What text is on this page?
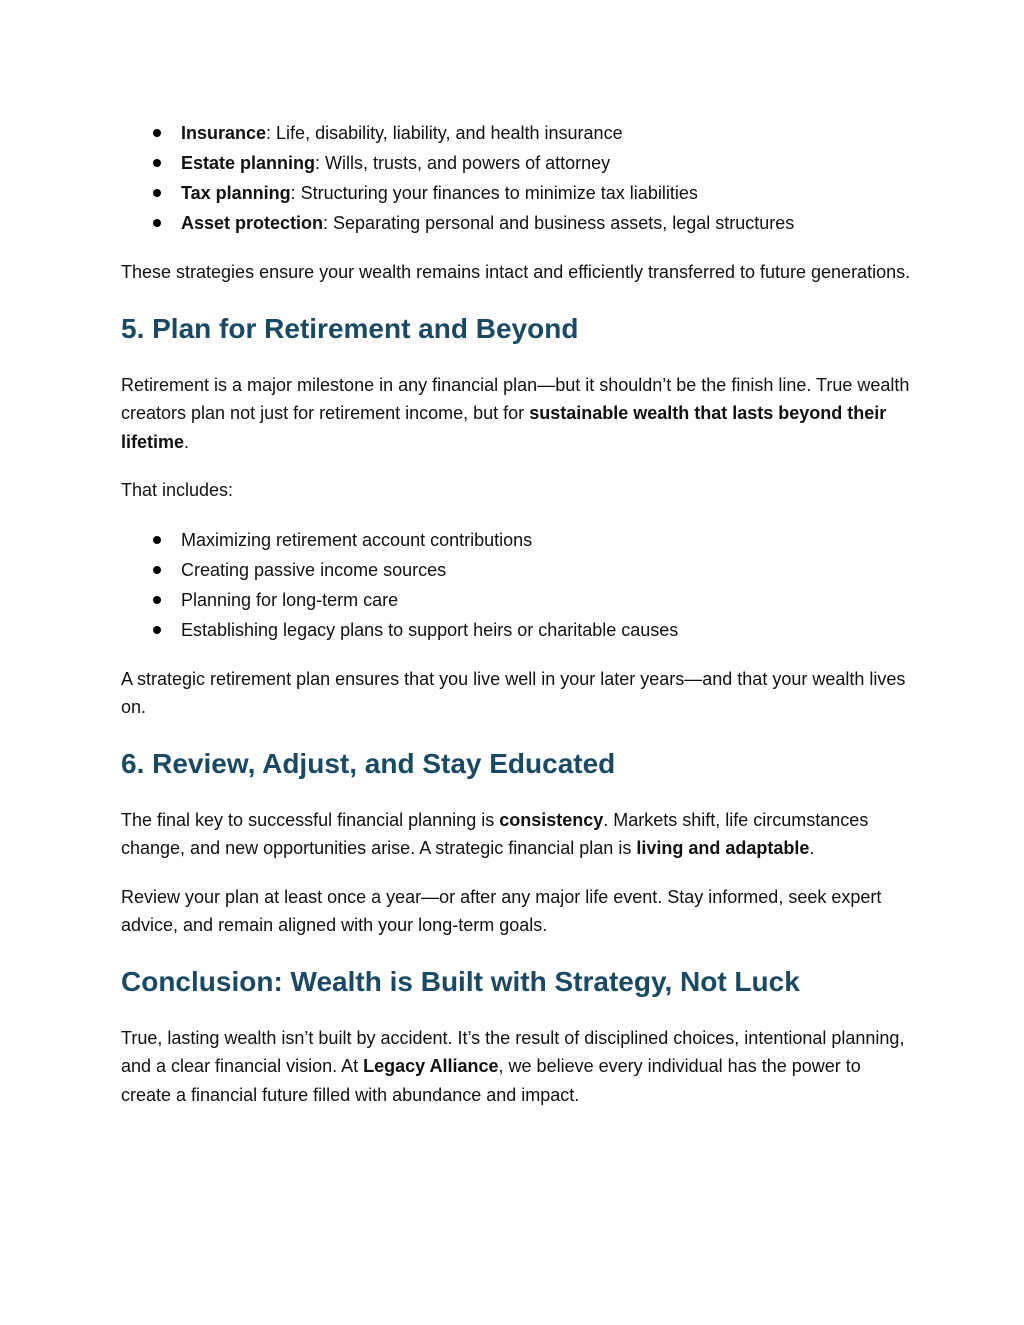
Insurance: Life, disability, liability, and health insurance
Estate planning: Wills, trusts, and powers of attorney
Tax planning: Structuring your finances to minimize tax liabilities
Asset protection: Separating personal and business assets, legal structures

These strategies ensure your wealth remains intact and efficiently transferred to future generations.

5. Plan for Retirement and Beyond

Retirement is a major milestone in any financial plan—but it shouldn’t be the finish line. True wealth creators plan not just for retirement income, but for sustainable wealth that lasts beyond their lifetime.

That includes:

Maximizing retirement account contributions
Creating passive income sources
Planning for long-term care
Establishing legacy plans to support heirs or charitable causes

A strategic retirement plan ensures that you live well in your later years—and that your wealth lives on.

6. Review, Adjust, and Stay Educated

The final key to successful financial planning is consistency. Markets shift, life circumstances change, and new opportunities arise. A strategic financial plan is living and adaptable.

Review your plan at least once a year—or after any major life event. Stay informed, seek expert advice, and remain aligned with your long-term goals.

Conclusion: Wealth is Built with Strategy, Not Luck

True, lasting wealth isn’t built by accident. It’s the result of disciplined choices, intentional planning, and a clear financial vision. At Legacy Alliance, we believe every individual has the power to create a financial future filled with abundance and impact.
